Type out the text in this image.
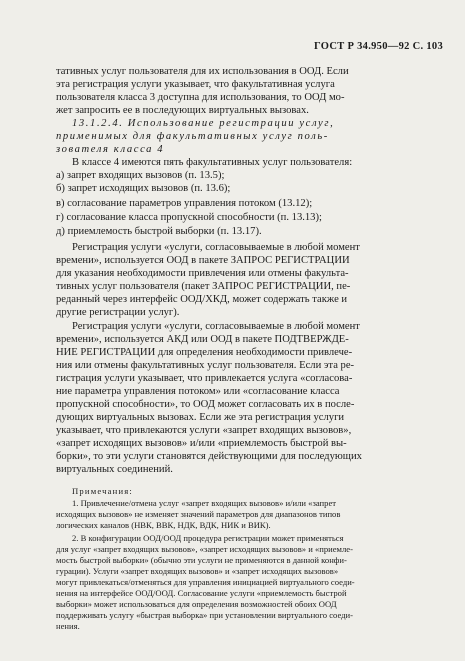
ГОСТ Р 34.950—92 С. 103
тативных услуг пользователя для их использования в ООД. Если
эта регистрация услуги указывает, что факультативная услуга
пользователя класса 3 доступна для использования, то ООД мо-
жет запросить ее в последующих виртуальных вызовах.
13.1.2.4. Использование регистрации услуг,
применимых для факультативных услуг поль-
зователя класса 4
В классе 4 имеются пять факультативных услуг пользователя:
а) запрет входящих вызовов (п. 13.5);
б) запрет исходящих вызовов (п. 13.6);
в) согласование параметров управления потоком (13.12);
г) согласование класса пропускной способности (п. 13.13);
д) приемлемость быстрой выборки (п. 13.17).
Регистрация услуги «услуги, согласовываемые в любой момент
времени», используется ООД в пакете ЗАПРОС РЕГИСТРАЦИИ
для указания необходимости привлечения или отмены факульта-
тивных услуг пользователя (пакет ЗАПРОС РЕГИСТРАЦИИ, пе-
реданный через интерфейс ООД/ХКД, может содержать также и
другие регистрации услуг).
Регистрация услуги «услуги, согласовываемые в любой момент
времени», используется АКД или ООД в пакете ПОДТВЕРЖДЕ-
НИЕ РЕГИСТРАЦИИ для определения необходимости привлече-
ния или отмены факультативных услуг пользователя. Если эта ре-
гистрация услуги указывает, что привлекается услуга «согласова-
ние параметра управления потоком» или «согласование класса
пропускной способности», то ООД может согласовать их в после-
дующих виртуальных вызовах. Если же эта регистрация услуги
указывает, что привлекаются услуги «запрет входящих вызовов»,
«запрет исходящих вызовов» и/или «приемлемость быстрой вы-
борки», то эти услуги становятся действующими для последующих
виртуальных соединений.
Примечания:
1. Привлечение/отмена услуг «запрет входящих вызовов» и/или «запрет
исходящих вызовов» не изменяет значений параметров для диапазонов типов
логических каналов (НВК, ВВК, НДК, ВДК, НИК и ВИК).
2. В конфигурации ООД/ООД процедура регистрации может применяться
для услуг «запрет входящих вызовов», «запрет исходящих вызовов» и «приемле-
мость быстрой выборки» (обычно эти услуги не применяются в данной конфи-
гурации). Услуги «запрет входящих вызовов» и «запрет исходящих вызовов»
могут привлекаться/отменяться для управления инициацией виртуального соеди-
нения на интерфейсе ООД/ООД. Согласование услуги «приемлемость быстрой
выборки» может использоваться для определения возможностей обоих ООД
поддерживать услугу «быстрая выборка» при установлении виртуального соеди-
нения.
